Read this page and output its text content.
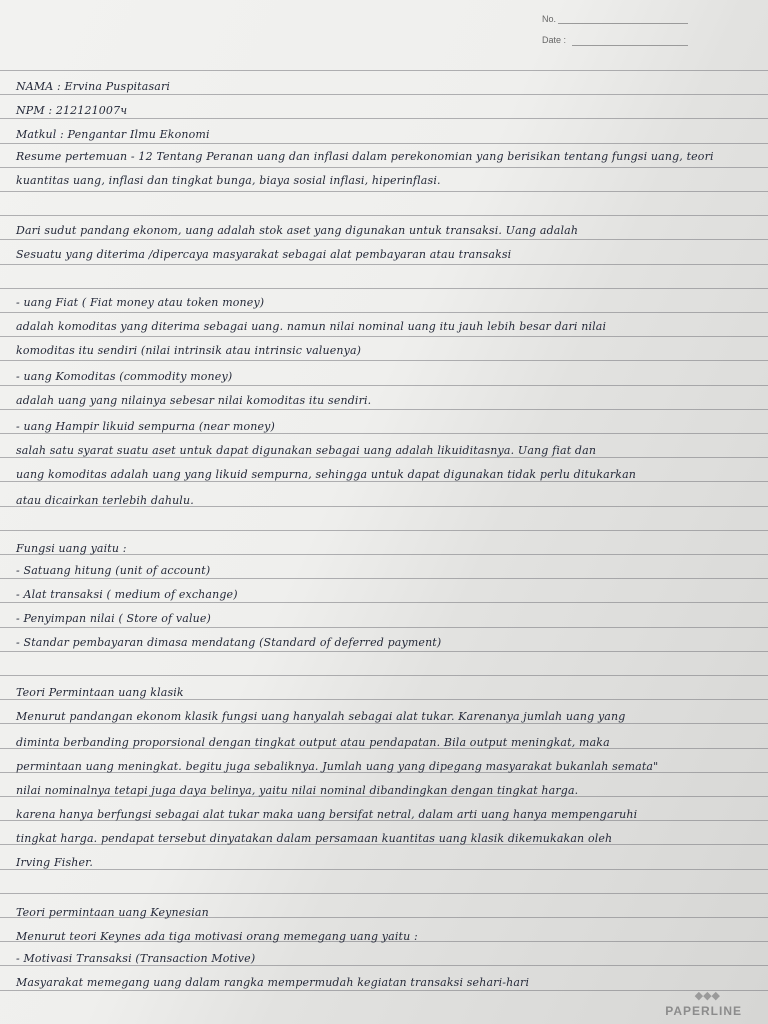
No.
Date :
NAMA : Ervina Puspitasari
NPM : 212121007ч
Matkul : Pengantar Ilmu Ekonomi
Resume pertemuan - 12 Tentang Peranan uang dan inflasi dalam perekonomian yang berisikan tentang fungsi uang, teori
kuantitas uang, inflasi dan tingkat bunga, biaya sosial inflasi, hiperinflasi.
Dari sudut pandang ekonom, uang adalah stok aset yang digunakan untuk transaksi. Uang adalah
Sesuatu yang diterima /dipercaya masyarakat sebagai alat pembayaran atau transaksi
- uang Fiat ( Fiat money atau token money)
adalah komoditas yang diterima sebagai uang. namun nilai nominal uang itu jauh lebih besar dari nilai
komoditas itu sendiri (nilai intrinsik atau intrinsic valuenya)
- uang Komoditas (commodity money)
adalah uang yang nilainya sebesar nilai komoditas itu sendiri.
- uang Hampir likuid sempurna (near money)
salah satu syarat suatu aset untuk dapat digunakan sebagai uang adalah likuiditasnya. Uang fiat dan
uang komoditas adalah uang yang likuid sempurna, sehingga untuk dapat digunakan tidak perlu ditukarkan
atau dicairkan terlebih dahulu.
Fungsi uang yaitu :
- Satuang hitung (unit of account)
- Alat transaksi ( medium of exchange)
- Penyimpan nilai ( Store of value)
- Standar pembayaran dimasa mendatang (Standard of deferred payment)
Teori Permintaan uang klasik
Menurut pandangan ekonom klasik fungsi uang hanyalah sebagai alat tukar. Karenanya jumlah uang yang
diminta berbanding proporsional dengan tingkat output atau pendapatan. Bila output meningkat, maka
permintaan uang meningkat. begitu juga sebaliknya. Jumlah uang yang dipegang masyarakat bukanlah semata"
nilai nominalnya tetapi juga daya belinya, yaitu nilai nominal dibandingkan dengan tingkat harga.
karena hanya berfungsi sebagai alat tukar maka uang bersifat netral, dalam arti uang hanya mempengaruhi
tingkat harga. pendapat tersebut dinyatakan dalam persamaan kuantitas uang klasik dikemukakan oleh
Irving Fisher.
Teori permintaan uang Keynesian
Menurut teori Keynes ada tiga motivasi orang memegang uang yaitu :
- Motivasi Transaksi (Transaction Motive)
Masyarakat memegang uang dalam rangka mempermudah kegiatan transaksi sehari-hari
◆◆◆
PAPERLINE
